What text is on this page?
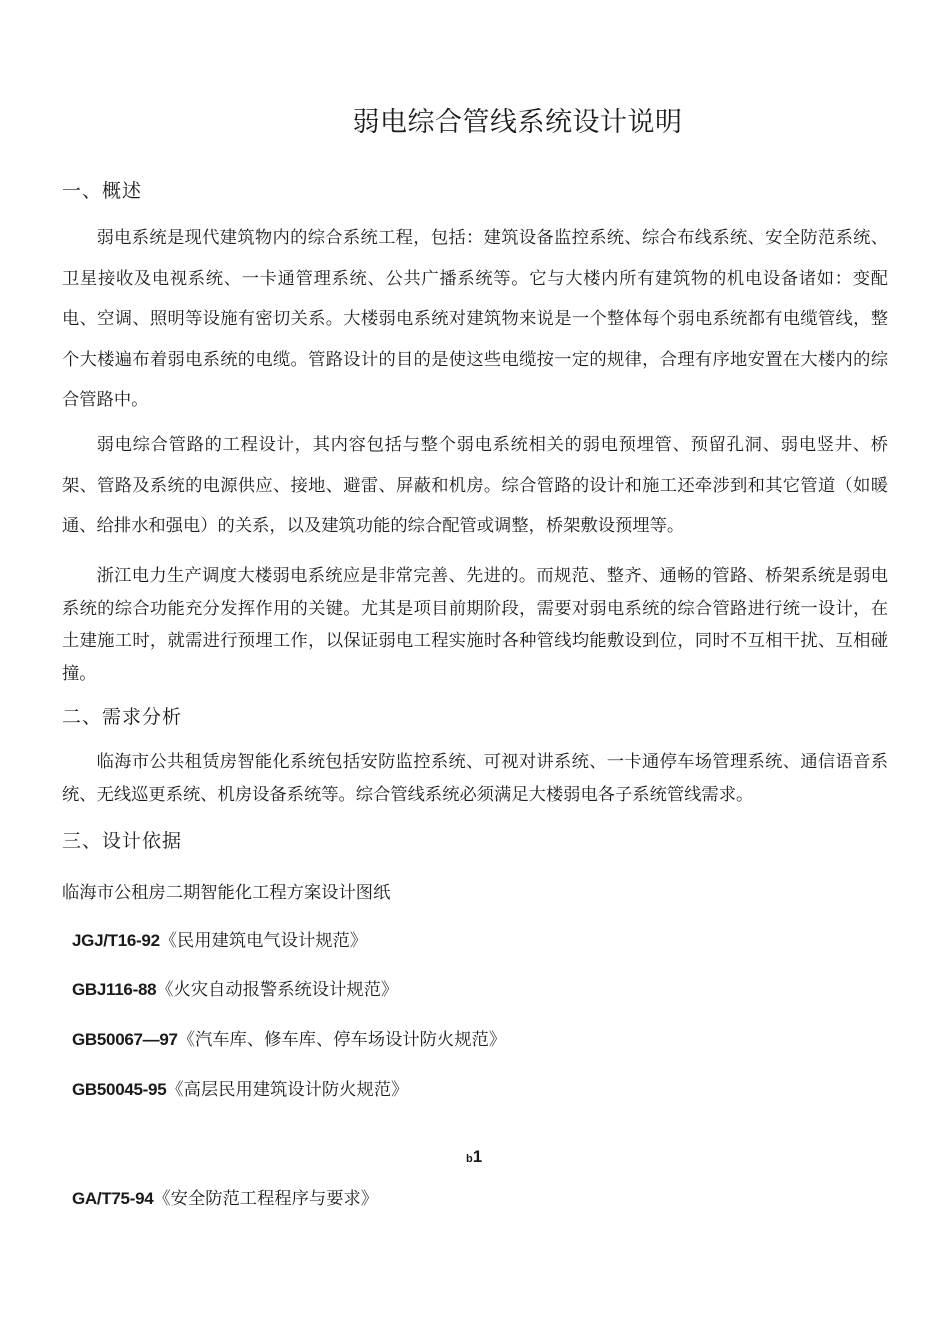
弱电综合管线系统设计说明
一、概述
弱电系统是现代建筑物内的综合系统工程，包括：建筑设备监控系统、综合布线系统、安全防范系统、卫星接收及电视系统、一卡通管理系统、公共广播系统等。它与大楼内所有建筑物的机电设备诸如：变配电、空调、照明等设施有密切关系。大楼弱电系统对建筑物来说是一个整体每个弱电系统都有电缆管线，整个大楼遍布着弱电系统的电缆。管路设计的目的是使这些电缆按一定的规律，合理有序地安置在大楼内的综合管路中。
弱电综合管路的工程设计，其内容包括与整个弱电系统相关的弱电预埋管、预留孔洞、弱电竖井、桥架、管路及系统的电源供应、接地、避雷、屏蔽和机房。综合管路的设计和施工还牵涉到和其它管道（如暖通、给排水和强电）的关系，以及建筑功能的综合配管或调整，桥架敷设预埋等。
浙江电力生产调度大楼弱电系统应是非常完善、先进的。而规范、整齐、通畅的管路、桥架系统是弱电系统的综合功能充分发挥作用的关键。尤其是项目前期阶段，需要对弱电系统的综合管路进行统一设计，在土建施工时，就需进行预埋工作，以保证弱电工程实施时各种管线均能敷设到位，同时不互相干扰、互相碰撞。
二、需求分析
临海市公共租赁房智能化系统包括安防监控系统、可视对讲系统、一卡通停车场管理系统、通信语音系统、无线巡更系统、机房设备系统等。综合管线系统必须满足大楼弱电各子系统管线需求。
三、设计依据
临海市公租房二期智能化工程方案设计图纸
JGJ/T16-92《民用建筑电气设计规范》
GBJ116-88《火灾自动报警系统设计规范》
GB50067—97《汽车库、修车库、停车场设计防火规范》
GB50045-95《高层民用建筑设计防火规范》
b1
GA/T75-94《安全防范工程程序与要求》
